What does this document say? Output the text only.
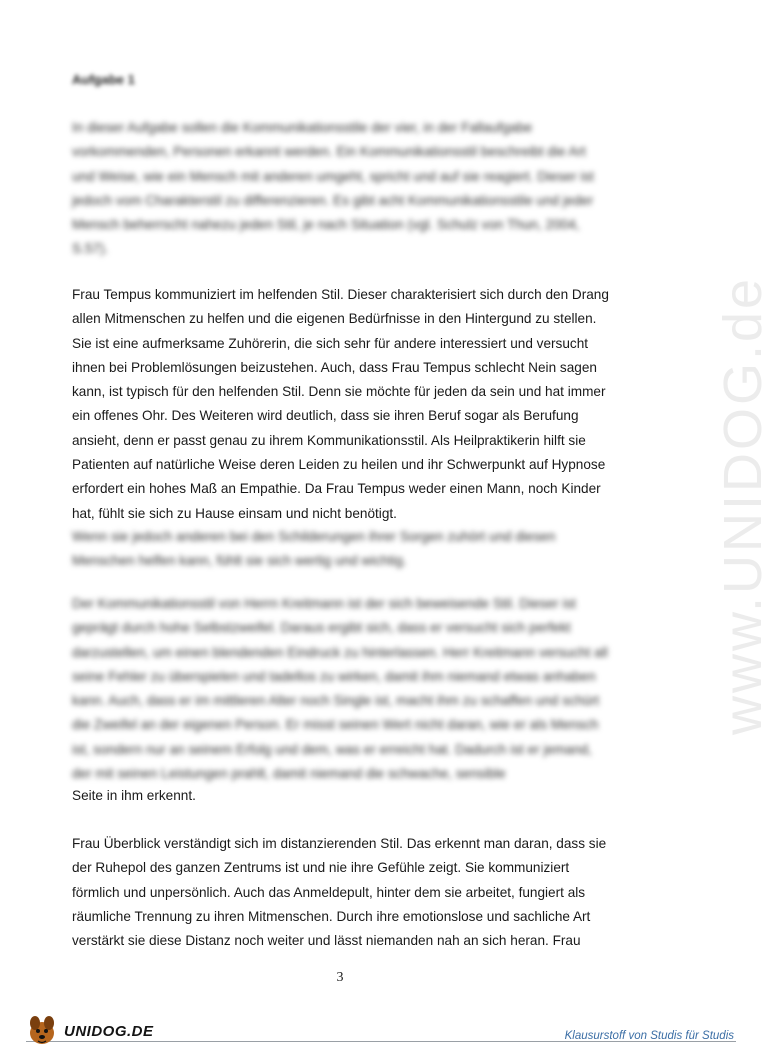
Aufgabe 1

In dieser Aufgabe sollen die Kommunikationsstile der vier, in der Fallaufgabe vorkommenden, Personen erkannt werden. Ein Kommunikationsstil beschreibt die Art und Weise, wie ein Mensch mit anderen umgeht, spricht und auf sie reagiert. Dieser ist jedoch vom Charakterstil zu differenzieren. Es gibt acht Kommunikationsstile und jeder Mensch beherrscht nahezu jeden Stil, je nach Situation (vgl. Schulz von Thun, 2004, S.57).

Frau Tempus kommuniziert im helfenden Stil. Dieser charakterisiert sich durch den Drang allen Mitmenschen zu helfen und die eigenen Bedürfnisse in den Hintergund zu stellen. Sie ist eine aufmerksame Zuhörerin, die sich sehr für andere interessiert und versucht ihnen bei Problemlösungen beizustehen. Auch, dass Frau Tempus schlecht Nein sagen kann, ist typisch für den helfenden Stil. Denn sie möchte für jeden da sein und hat immer ein offenes Ohr. Des Weiteren wird deutlich, dass sie ihren Beruf sogar als Berufung ansieht, denn er passt genau zu ihrem Kommunikationsstil. Als Heilpraktikerin hilft sie Patienten auf natürliche Weise deren Leiden zu heilen und ihr Schwerpunkt auf Hypnose erfordert ein hohes Maß an Empathie. Da Frau Tempus weder einen Mann, noch Kinder hat, fühlt sie sich zu Hause einsam und nicht benötigt.

Wenn sie jedoch anderen bei den Schilderungen ihrer Sorgen zuhört und diesen Menschen helfen kann, fühlt sie sich wertig und wichtig.

Der Kommunikationsstil von Herrn Kreitmann ist der sich beweisende Stil. Dieser ist geprägt durch hohe Selbstzweifel. Daraus ergibt sich, dass er versucht sich perfekt darzustellen, um einen blendenden Eindruck zu hinterlassen. Herr Kreitmann versucht all seine Fehler zu überspielen und tadellos zu wirken, damit ihm niemand etwas anhaben kann. Auch, dass er im mittleren Alter noch Single ist, macht ihm zu schaffen und schürt die Zweifel an der eigenen Person. Er misst seinen Wert nicht daran, wie er als Mensch ist, sondern nur an seinem Erfolg und dem, was er erreicht hat. Dadurch ist er jemand, der mit seinen Leistungen prahlt, damit niemand die schwache, sensible

Seite in ihm erkennt.

Frau Überblick verständigt sich im distanzierenden Stil. Das erkennt man daran, dass sie der Ruhepol des ganzen Zentrums ist und nie ihre Gefühle zeigt. Sie kommuniziert förmlich und unpersönlich. Auch das Anmeldepult, hinter dem sie arbeitet, fungiert als räumliche Trennung zu ihren Mitmenschen. Durch ihre emotionslose und sachliche Art verstärkt sie diese Distanz noch weiter und lässt niemanden nah an sich heran. Frau

3
www.UNIDOG.de
UNIDOG.DE	Klausurstoff von Studis für Studis
